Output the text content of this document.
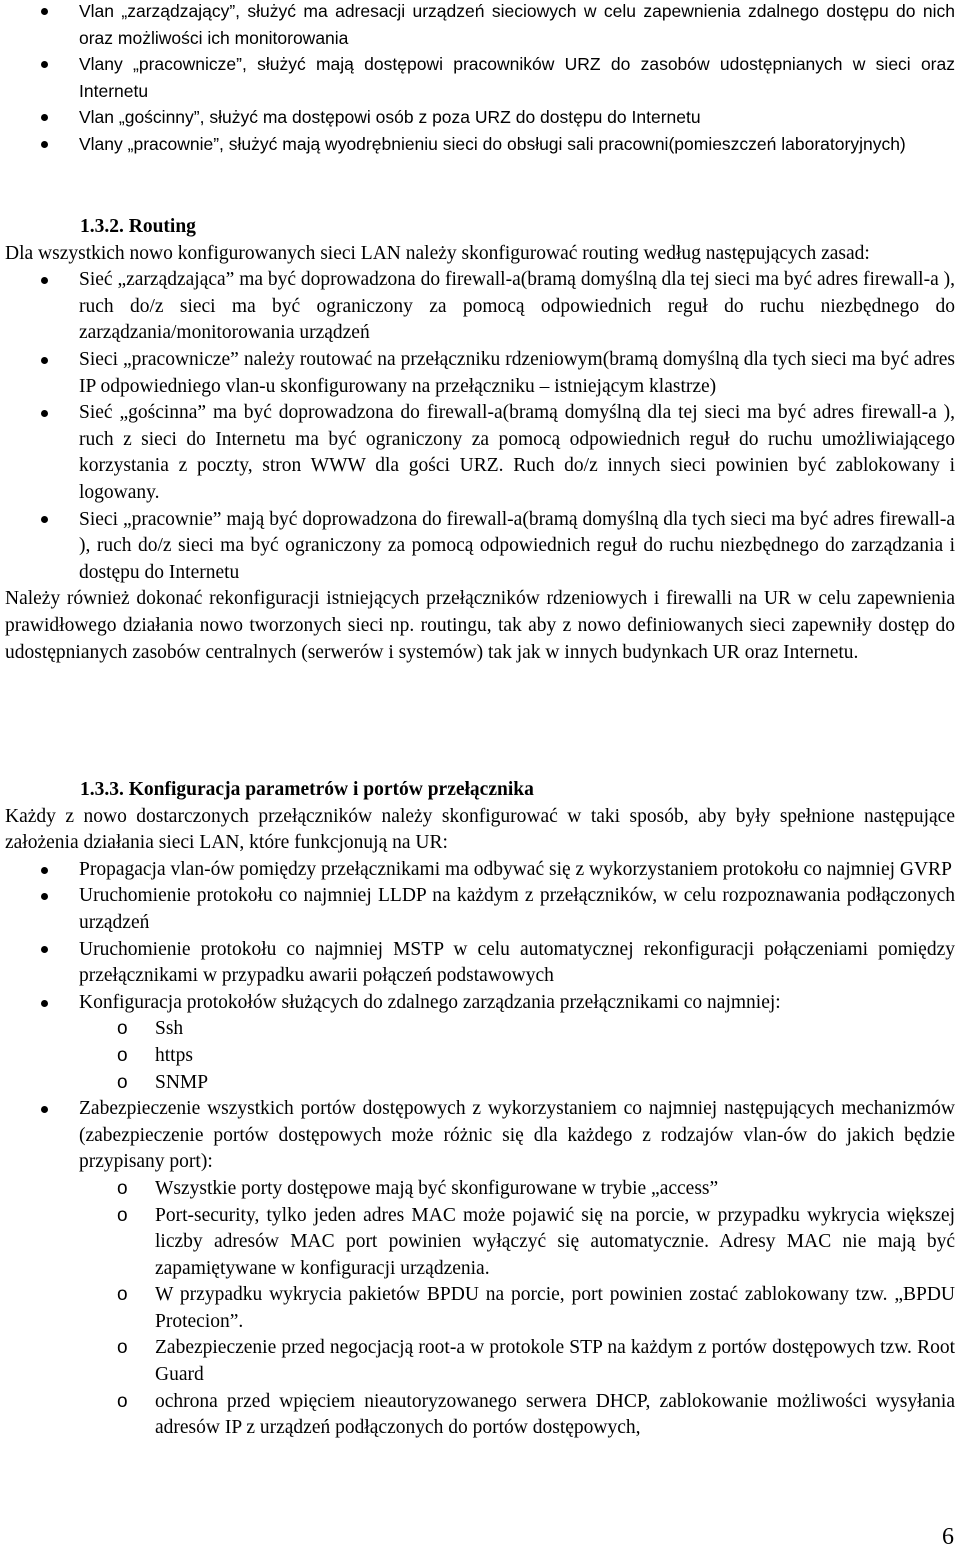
Vlan „zarządzający”, służyć ma adresacji urządzeń sieciowych w celu zapewnienia zdalnego dostępu do nich oraz możliwości ich monitorowania
Vlany „pracownicze”, służyć mają dostępowi pracowników URZ do zasobów udostępnianych w sieci oraz Internetu
Vlan „gościnny”, służyć ma dostępowi osób z poza URZ do dostępu do Internetu
Vlany „pracownie”, służyć mają wyodrębnieniu sieci do obsługi sali pracowni(pomieszczeń laboratoryjnych)
1.3.2. Routing
Dla wszystkich nowo konfigurowanych sieci LAN należy skonfigurować routing według następujących zasad:
Sieć „zarządzająca” ma być doprowadzona do firewall-a(bramą domyślną dla tej sieci ma być adres firewall-a ), ruch do/z sieci ma być ograniczony za pomocą odpowiednich reguł do ruchu niezbędnego do zarządzania/monitorowania urządzeń
Sieci „pracownicze” należy routować na przełączniku rdzeniowym(bramą domyślną dla tych sieci ma być adres IP odpowiedniego vlan-u skonfigurowany na przełączniku – istniejącym klastrze)
Sieć „gościnna” ma być doprowadzona do firewall-a(bramą domyślną dla tej sieci ma być adres firewall-a ), ruch z sieci do Internetu ma być ograniczony za pomocą odpowiednich reguł do ruchu umożliwiającego korzystania z poczty, stron WWW dla gości URZ. Ruch do/z innych sieci powinien być zablokowany i logowany.
Sieci „pracownie” mają być doprowadzona do firewall-a(bramą domyślną dla tych sieci ma być adres firewall-a ), ruch do/z sieci ma być ograniczony za pomocą odpowiednich reguł do ruchu niezbędnego do zarządzania i dostępu do Internetu
Należy również dokonać rekonfiguracji istniejących przełączników rdzeniowych i firewalli na UR w celu zapewnienia prawidłowego działania nowo tworzonych sieci np. routingu, tak aby z nowo definiowanych sieci zapewniły dostęp do udostępnianych zasobów centralnych (serwerów i systemów) tak jak w innych budynkach UR oraz Internetu.
1.3.3. Konfiguracja parametrów i portów przełącznika
Każdy z nowo dostarczonych przełączników należy skonfigurować w taki sposób, aby były spełnione następujące założenia działania sieci LAN, które funkcjonują na UR:
Propagacja vlan-ów pomiędzy przełącznikami ma odbywać się z wykorzystaniem protokołu co najmniej GVRP
Uruchomienie protokołu co najmniej LLDP na każdym z przełączników, w celu rozpoznawania podłączonych urządzeń
Uruchomienie protokołu co najmniej MSTP w celu automatycznej rekonfiguracji połączeniami pomiędzy przełącznikami w przypadku awarii połączeń podstawowych
Konfiguracja protokołów służących do zdalnego zarządzania przełącznikami co najmniej:
o Ssh
o https
o SNMP
Zabezpieczenie wszystkich portów dostępowych z wykorzystaniem co najmniej następujących mechanizmów (zabezpieczenie portów dostępowych może różnic się dla każdego z rodzajów vlan-ów do jakich będzie przypisany port):
o Wszystkie porty dostępowe mają być skonfigurowane w trybie „access”
o Port-security, tylko jeden adres MAC może pojawić się na porcie, w przypadku wykrycia większej liczby adresów MAC port powinien wyłączyć się automatycznie. Adresy MAC nie mają być zapamiętywane w konfiguracji urządzenia.
o W przypadku wykrycia pakietów BPDU na porcie, port powinien zostać zablokowany tzw. „BPDU Protecion”.
o Zabezpieczenie przed negocjacją root-a w protokole STP na każdym z portów dostępowych tzw. Root Guard
o ochrona przed wpięciem nieautoryzowanego serwera DHCP, zablokowanie możliwości wysyłania adresów IP z urządzeń podłączonych do portów dostępowych,
6
